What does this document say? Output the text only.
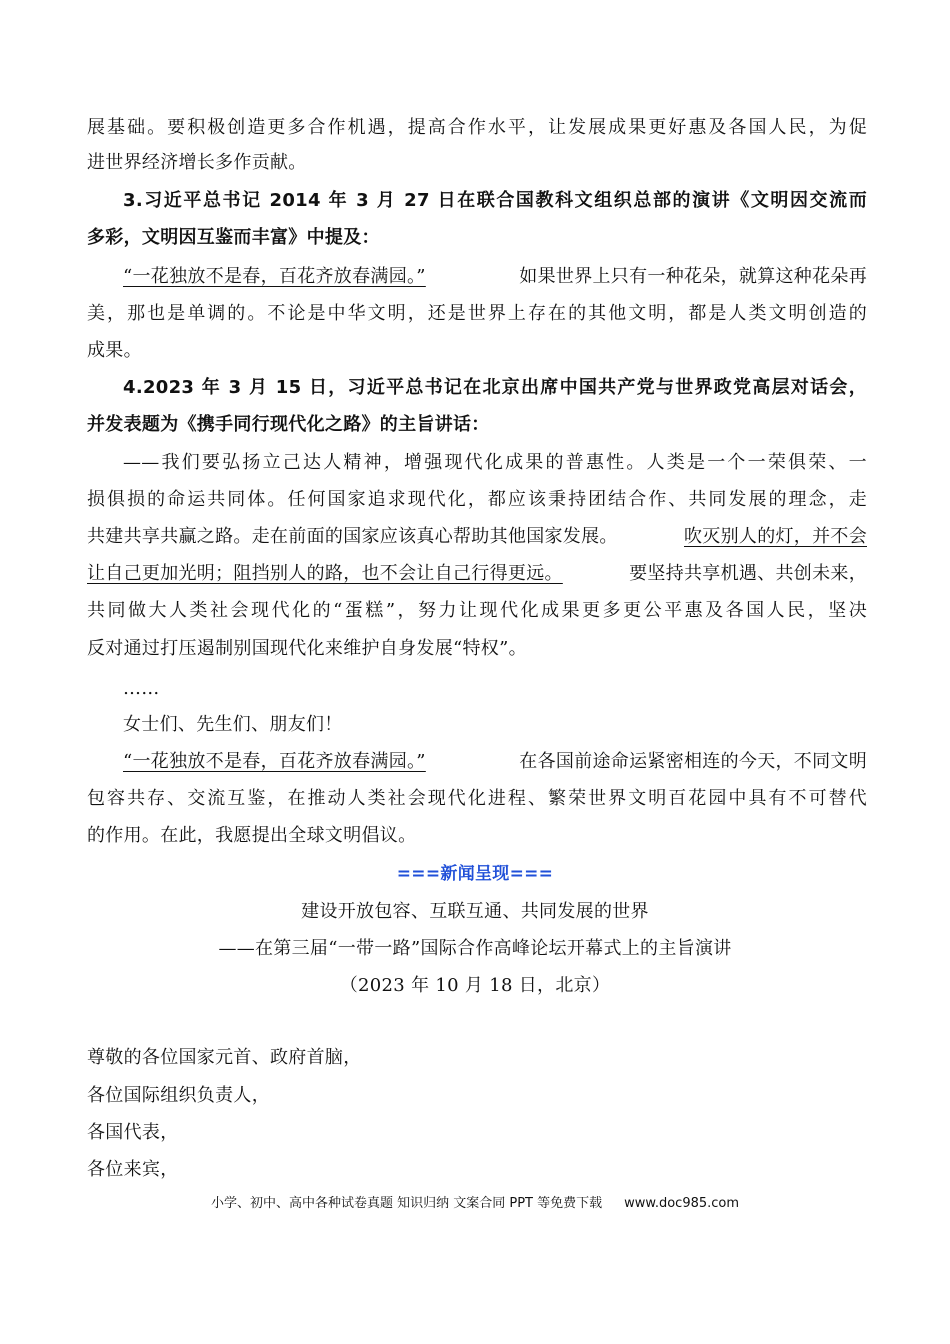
展基础。要积极创造更多合作机遇，提高合作水平，让发展成果更好惠及各国人民，为促
进世界经济增长多作贡献。
3.习近平总书记 2014 年 3 月 27 日在联合国教科文组织总部的演讲《文明因交流而
多彩，文明因互鉴而丰富》中提及：
“一花独放不是春，百花齐放春满园。”	如果世界上只有一种花朵，就算这种花朵再
美，那也是单调的。不论是中华文明，还是世界上存在的其他文明，都是人类文明创造的
成果。
4.2023 年 3 月 15 日，习近平总书记在北京出席中国共产党与世界政党高层对话会，
并发表题为《携手同行现代化之路》的主旨讲话：
——我们要弘扬立己达人精神，增强现代化成果的普惠性。人类是一个一荣俱荣、一
损俱损的命运共同体。任何国家追求现代化，都应该秉持团结合作、共同发展的理念，走
共建共享共赢之路。走在前面的国家应该真心帮助其他国家发展。	吹灭别人的灯，并不会
让自己更加光明；阻挡别人的路，也不会让自己行得更远。	要坚持共享机遇、共创未来，
共同做大人类社会现代化的“蛋糕”，努力让现代化成果更多更公平惠及各国人民，坚决
反对通过打压遏制别国现代化来维护自身发展“特权”。
……
女士们、先生们、朋友们！
“一花独放不是春，百花齐放春满园。”	在各国前途命运紧密相连的今天，不同文明
包容共存、交流互鉴，在推动人类社会现代化进程、繁荣世界文明百花园中具有不可替代
的作用。在此，我愿提出全球文明倡议。
===新闻呈现===
建设开放包容、互联互通、共同发展的世界
——在第三届“一带一路”国际合作高峰论坛开幕式上的主旨演讲
（2023 年 10 月 18 日，北京）
尊敬的各位国家元首、政府首脑，
各位国际组织负责人，
各国代表，
各位来宾，
小学、初中、高中各种试卷真题 知识归纳 文案合同 PPT 等免费下载 www.doc985.com
